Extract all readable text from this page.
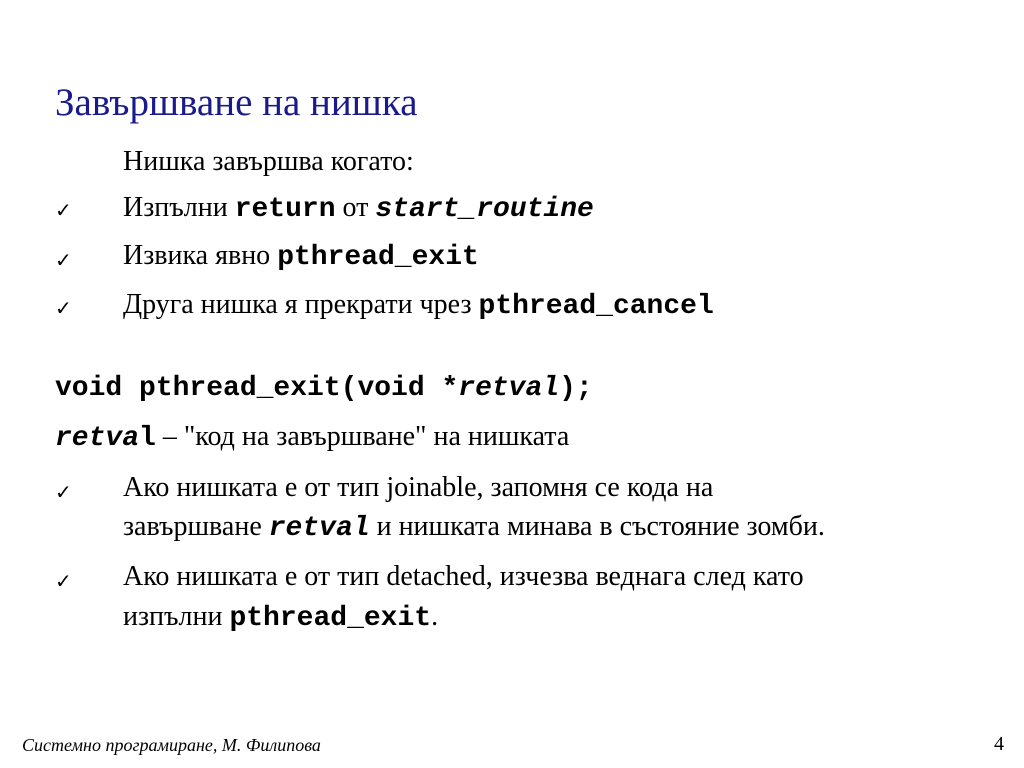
Завършване на нишка
Нишка завършва когато:
✓ Изпълни return от start_routine
✓ Извика явно pthread_exit
✓ Друга нишка я прекрати чрез pthread_cancel
void pthread_exit(void *retval);
retval – "код на завършване" на нишката
✓ Ако нишката е от тип joinable, запомня се кода на
завършване retval и нишката минава в състояние зомби.
✓ Ако нишката е от тип detached, изчезва веднага след като
изпълни pthread_exit.
Системно програмиране, М. Филипова	4
